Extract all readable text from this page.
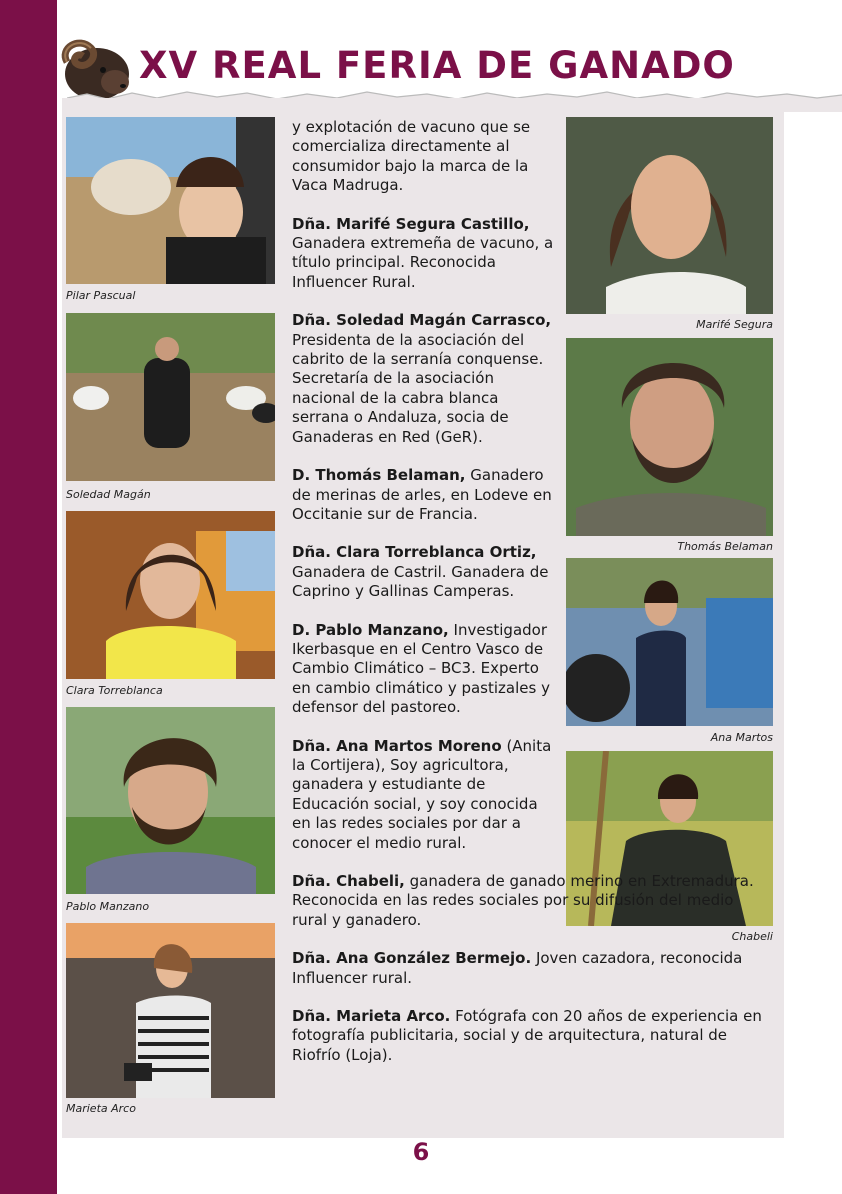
XV REAL FERIA DE GANADO
Pilar Pascual
Soledad Magán
Clara Torreblanca
Pablo Manzano
Marieta Arco
Marifé Segura
Thomás Belaman
Ana Martos
Chabeli

y explotación de vacuno que se comercializa directamente al consumidor bajo la marca de la Vaca Madruga.

Dña. Marifé Segura Castillo, Ganadera extremeña de vacuno, a título principal. Reconocida Influencer Rural.

Dña. Soledad Magán Carrasco, Presidenta de la asociación del cabrito de la serranía conquense. Secretaría de la asociación nacional de la cabra blanca serrana o Andaluza, socia de Ganaderas en Red (GeR).

D. Thomás Belaman, Ganadero de merinas de arles, en Lodeve en Occitanie sur de Francia.

Dña. Clara Torreblanca Ortiz, Ganadera de Castril. Ganadera de Caprino y Gallinas Camperas.

D. Pablo Manzano, Investigador Ikerbasque en el Centro Vasco de Cambio Climático – BC3. Experto en cambio climático y pastizales y defensor del pastoreo.

Dña. Ana Martos Moreno (Anita la Cortijera), Soy agricultora, ganadera y estudiante de Educación social, y soy conocida en las redes sociales por dar a conocer el medio rural.

Dña. Chabeli, ganadera de ganado merino en Extremadura. Reconocida en las redes sociales por su difusión del medio rural y ganadero.

Dña. Ana González Bermejo. Joven cazadora, reconocida Influencer rural.

Dña. Marieta Arco. Fotógrafa con 20 años de experiencia en fotografía publicitaria, social y de arquitectura, natural de Riofrío (Loja).

6
